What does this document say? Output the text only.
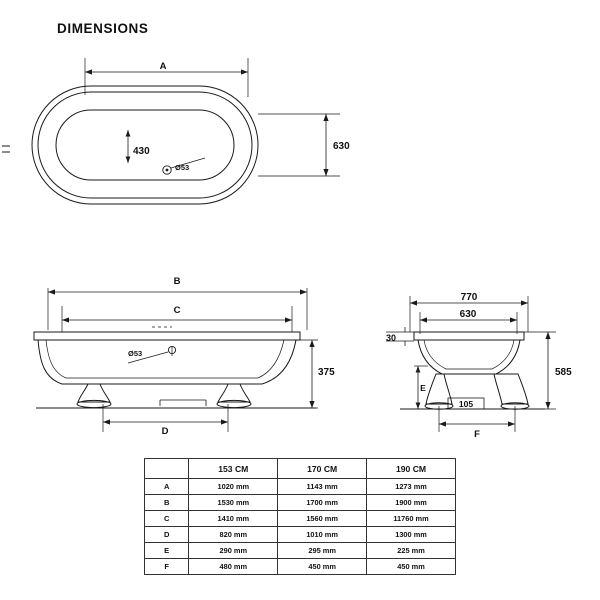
DIMENSIONS
A
630
430
Ø53
B
C
Ø53
375
D
770
630
30
E
105
F
585
	153 CM	170 CM	190 CM
A	1020 mm	1143 mm	1273 mm
B	1530 mm	1700 mm	1900 mm
C	1410 mm	1560 mm	11760 mm
D	820 mm	1010 mm	1300 mm
E	290 mm	295 mm	225 mm
F	480 mm	450 mm	450 mm
